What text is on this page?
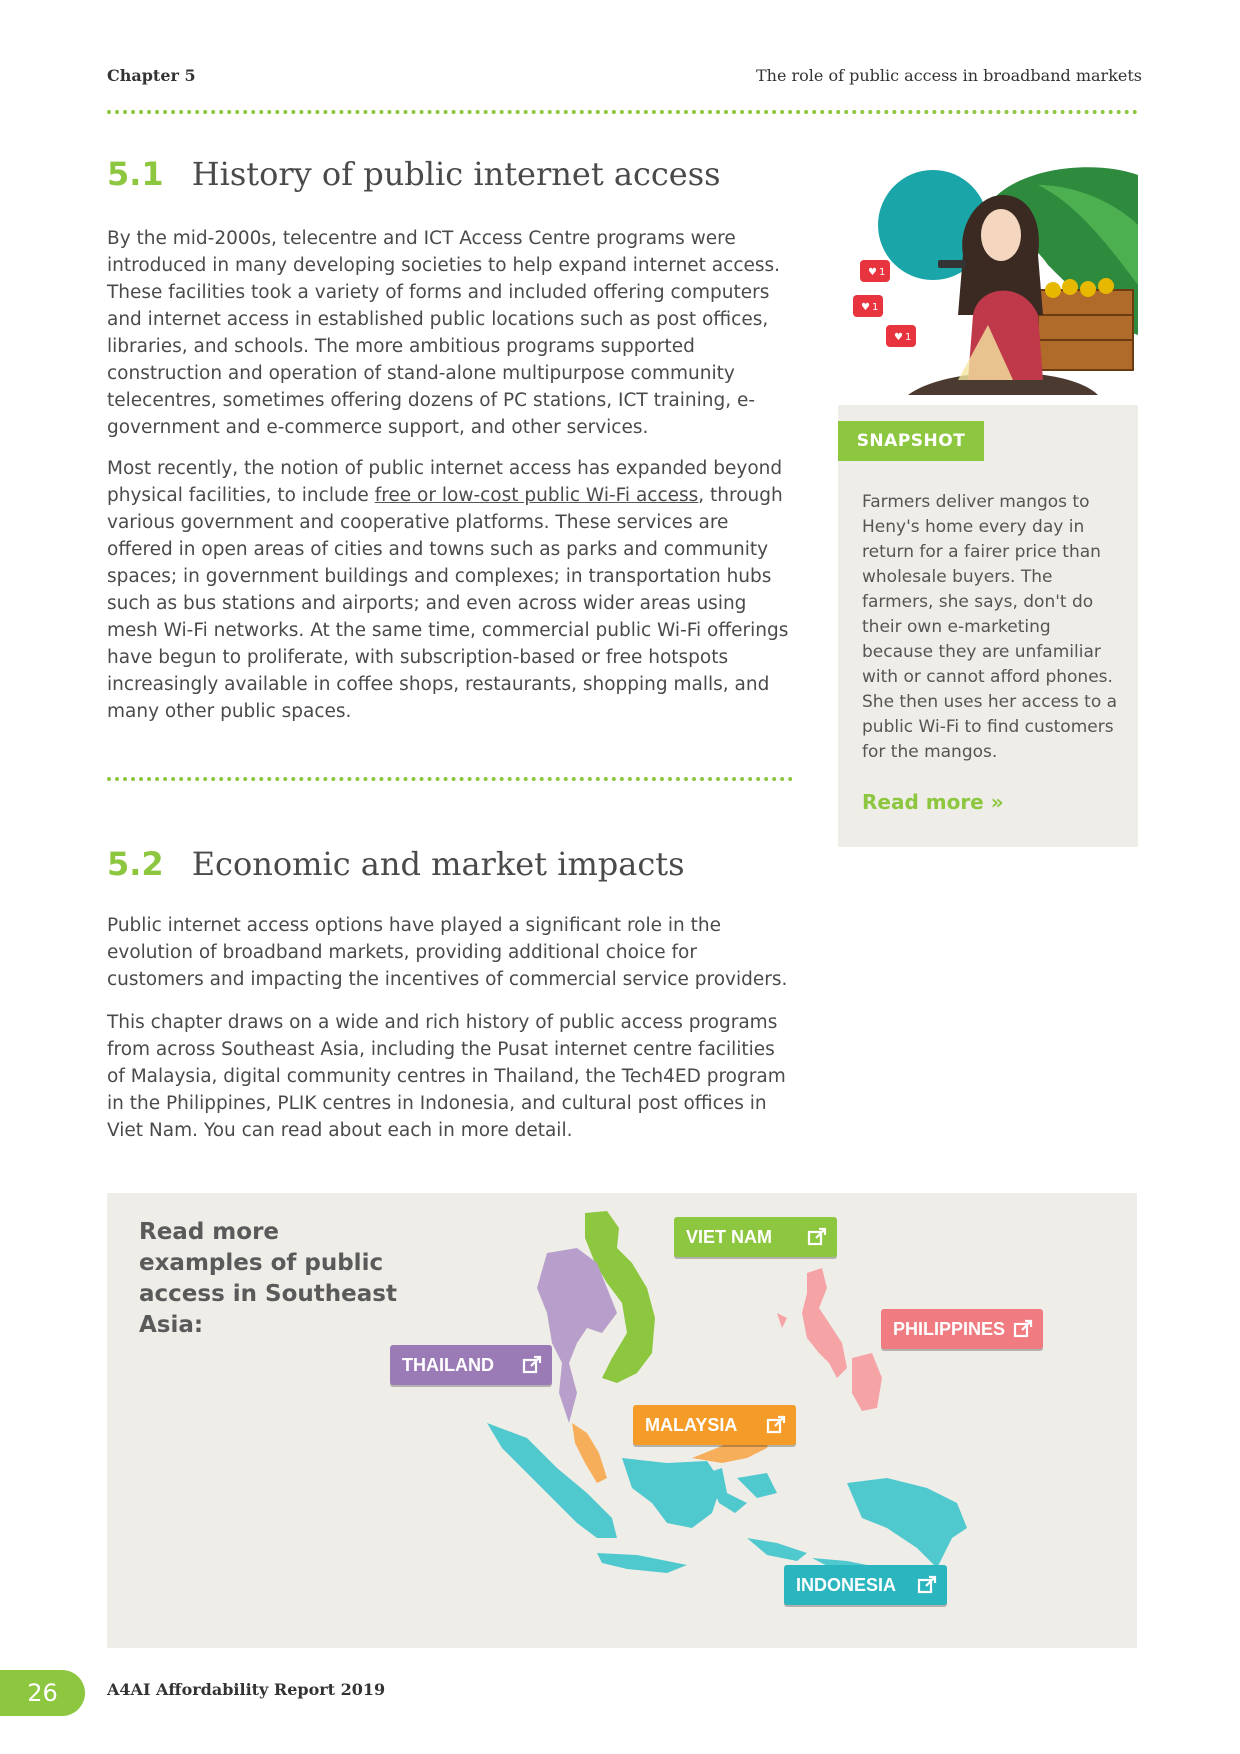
Chapter 5	The role of public access in broadband markets
5.1 History of public internet access

By the mid-2000s, telecentre and ICT Access Centre programs were introduced in many developing societies to help expand internet access. These facilities took a variety of forms and included offering computers and internet access in established public locations such as post offices, libraries, and schools. The more ambitious programs supported construction and operation of stand-alone multipurpose community telecentres, sometimes offering dozens of PC stations, ICT training, e-government and e-commerce support, and other services.

Most recently, the notion of public internet access has expanded beyond physical facilities, to include free or low-cost public Wi-Fi access, through various government and cooperative platforms. These services are offered in open areas of cities and towns such as parks and community spaces; in government buildings and complexes; in transportation hubs such as bus stations and airports; and even across wider areas using mesh Wi-Fi networks. At the same time, commercial public Wi-Fi offerings have begun to proliferate, with subscription-based or free hotspots increasingly available in coffee shops, restaurants, shopping malls, and many other public spaces.

5.2 Economic and market impacts

Public internet access options have played a significant role in the evolution of broadband markets, providing additional choice for customers and impacting the incentives of commercial service providers.

This chapter draws on a wide and rich history of public access programs from across Southeast Asia, including the Pusat internet centre facilities of Malaysia, digital community centres in Thailand, the Tech4ED program in the Philippines, PLIK centres in Indonesia, and cultural post offices in Viet Nam. You can read about each in more detail.

♥ 1
♥ 1
♥ 1
SNAPSHOT
Farmers deliver mangos to Heny's home every day in return for a fairer price than wholesale buyers. The farmers, she says, don't do their own e-marketing because they are unfamiliar with or cannot afford phones. She then uses her access to a public Wi-Fi to find customers for the mangos.
Read more »
Read more examples of public access in Southeast Asia:
VIET NAM
PHILIPPINES
THAILAND
MALAYSIA
INDONESIA
26	A4AI Affordability Report 2019
